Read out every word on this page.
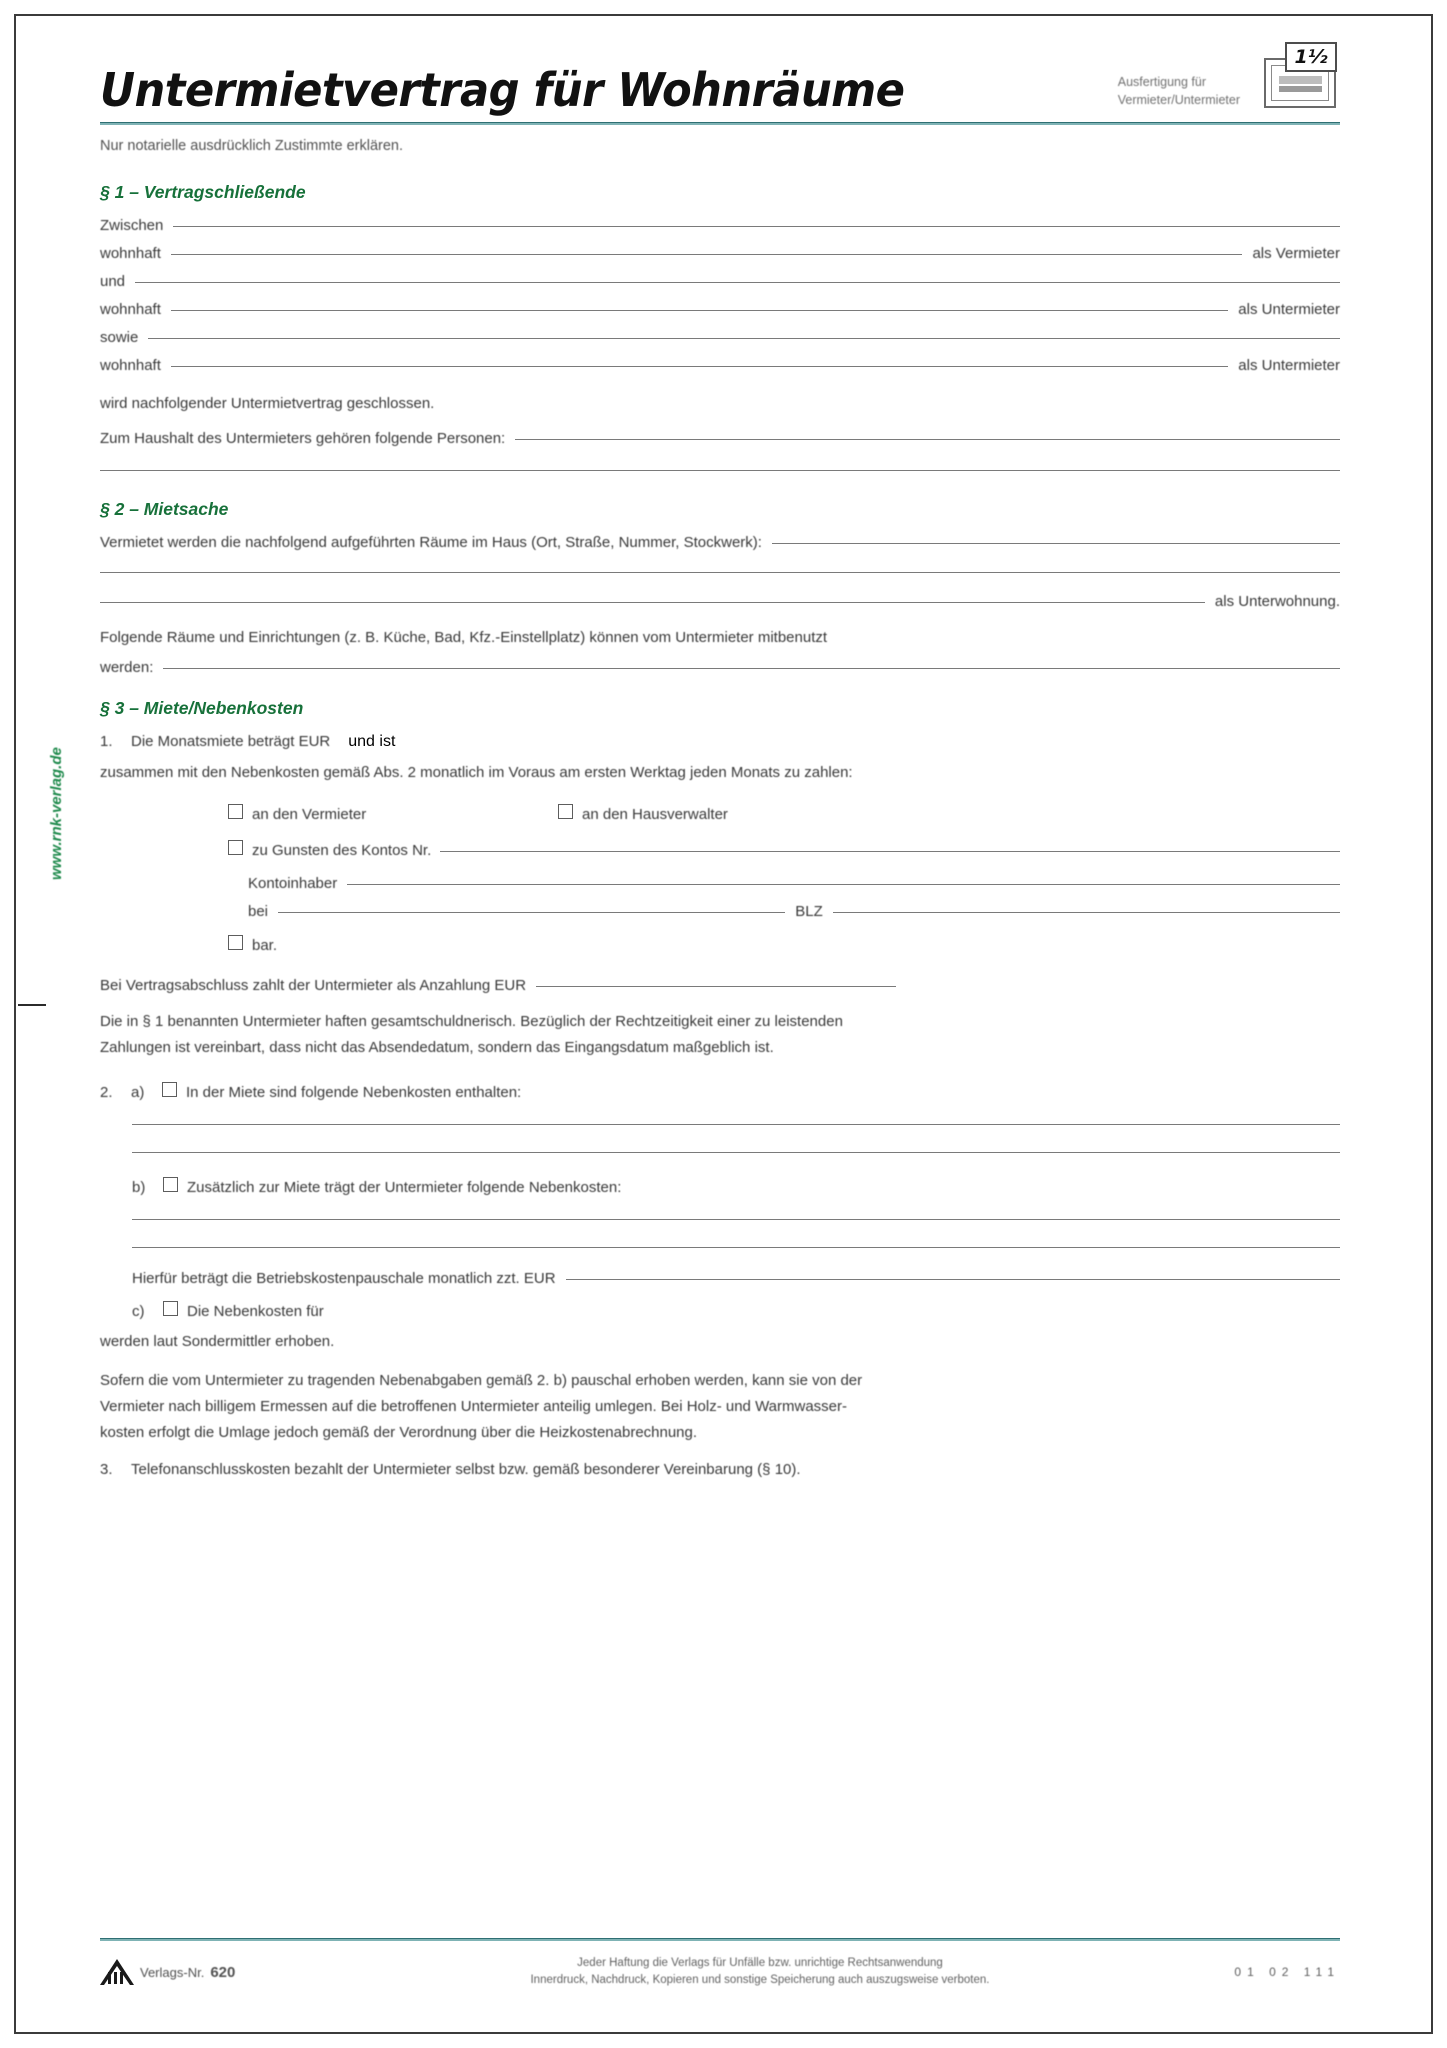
www.rnk-verlag.de
Untermietvertrag für Wohnräume	Ausfertigung für
Vermieter/Untermieter
1½
Nur notarielle ausdrücklich Zustimmte erklären.
§ 1 – Vertragschließende
Zwischen
wohnhaft	als Vermieter
und
wohnhaft	als Untermieter
sowie
wohnhaft	als Untermieter
wird nachfolgender Untermietvertrag geschlossen.
Zum Haushalt des Untermieters gehören folgende Personen:
§ 2 – Mietsache
Vermietet werden die nachfolgend aufgeführten Räume im Haus (Ort, Straße, Nummer, Stockwerk):
als Unterwohnung.
Folgende Räume und Einrichtungen (z. B. Küche, Bad, Kfz.-Einstellplatz) können vom Untermieter mitbenutzt
werden:
§ 3 – Miete/Nebenkosten
1.	Die Monatsmiete beträgt EUR und ist
zusammen mit den Nebenkosten gemäß Abs. 2 monatlich im Voraus am ersten Werktag jeden Monats zu zahlen:
an den Vermieter	an den Hausverwalter
zu Gunsten des Kontos Nr.
Kontoinhaber
bei	BLZ
bar.
Bei Vertragsabschluss zahlt der Untermieter als Anzahlung EUR

Die in § 1 benannten Untermieter haften gesamtschuldnerisch. Bezüglich der Rechtzeitigkeit einer zu leistenden

Zahlungen ist vereinbart, dass nicht das Absendedatum, sondern das Eingangsdatum maßgeblich ist.

2.	a)	In der Miete sind folgende Nebenkosten enthalten:
b)	Zusätzlich zur Miete trägt der Untermieter folgende Nebenkosten:
Hierfür beträgt die Betriebskostenpauschale monatlich zzt. EUR
c)	Die Nebenkosten für
werden laut Sondermittler erhoben.

Sofern die vom Untermieter zu tragenden Nebenabgaben gemäß 2. b) pauschal erhoben werden, kann sie von der

Vermieter nach billigem Ermessen auf die betroffenen Untermieter anteilig umlegen. Bei Holz- und Warmwasser-

kosten erfolgt die Umlage jedoch gemäß der Verordnung über die Heizkostenabrechnung.

3.	Telefonanschlusskosten bezahlt der Untermieter selbst bzw. gemäß besonderer Vereinbarung (§ 10).
Verlags-Nr. 620
Jeder Haftung die Verlags für Unfälle bzw. unrichtige Rechtsanwendung
Innerdruck, Nachdruck, Kopieren und sonstige Speicherung auch auszugsweise verboten.
01 02 111
